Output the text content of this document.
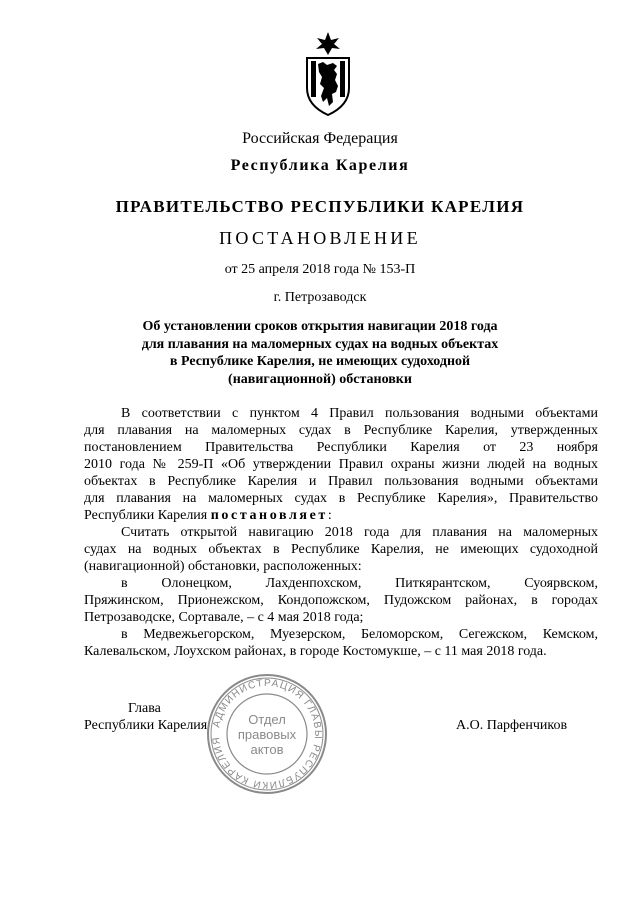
Российская Федерация
Республика Карелия
ПРАВИТЕЛЬСТВО РЕСПУБЛИКИ КАРЕЛИЯ
ПОСТАНОВЛЕНИЕ
от 25 апреля 2018 года № 153-П
г. Петрозаводск
Об установлении сроков открытия навигации 2018 года
для плавания на маломерных судах на водных объектах
в Республике Карелия, не имеющих судоходной
(навигационной) обстановки
В соответствии с пунктом 4 Правил пользования водными объектами
для плавания на маломерных судах в Республике Карелия, утвержденных
постановлением Правительства Республики Карелия от 23 ноября
2010 года № 259-П «Об утверждении Правил охраны жизни людей на водных
объектах в Республике Карелия и Правил пользования водными объектами
для плавания на маломерных судах в Республике Карелия», Правительство
Республики Карелия постановляет:
Считать открытой навигацию 2018 года для плавания на маломерных
судах на водных объектах в Республике Карелия, не имеющих судоходной
(навигационной) обстановки, расположенных:
в Олонецком, Лахденпохском, Питкярантском, Суоярвском,
Пряжинском, Прионежском, Кондопожском, Пудожском районах, в городах
Петрозаводске, Сортавале, – с 4 мая 2018 года;
в Медвежьегорском, Муезерском, Беломорском, Сегежском, Кемском,
Калевальском, Лоухском районах, в городе Костомукше, – с 11 мая 2018 года.
Глава
Республики Карелия	А.О. Парфенчиков
АДМИНИСТРАЦИЯ ГЛАВЫ РЕСПУБЛИКИ КАРЕЛИЯ
Отдел
правовых
актов
